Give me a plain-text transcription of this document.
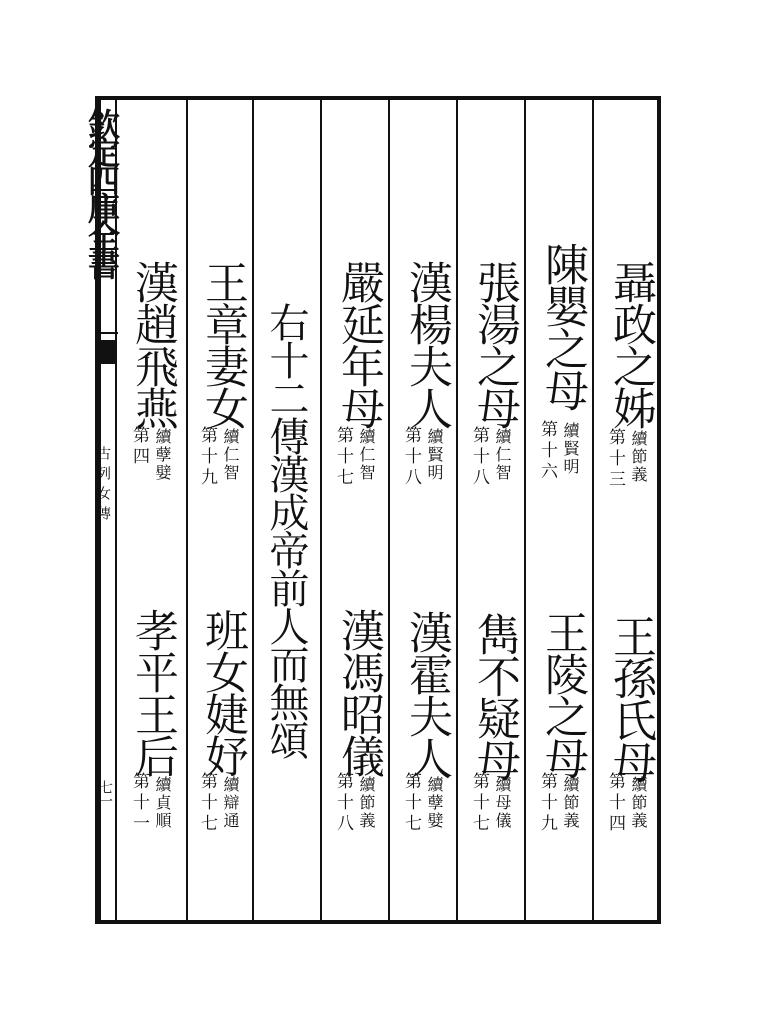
欽定四庫全書
古列女傳
七一
聶政之姊
續節義
第十三
王孫氏母
續節義
第十四
陳嬰之母
續賢明
第十六
王陵之母
續節義
第十九
張湯之母
續仁智
第十八
雋不疑母
續母儀
第十七
漢楊夫人
續賢明
第十八
漢霍夫人
續孽嬖
第十七
嚴延年母
續仁智
第十七
漢馮昭儀
續節義
第十八
右十二傳漢成帝前人而無頌
王章妻女
續仁智
第十九
班女婕妤
續辯通
第十七
漢趙飛燕
續孽嬖
第四
孝平王后
續貞順
第十一
